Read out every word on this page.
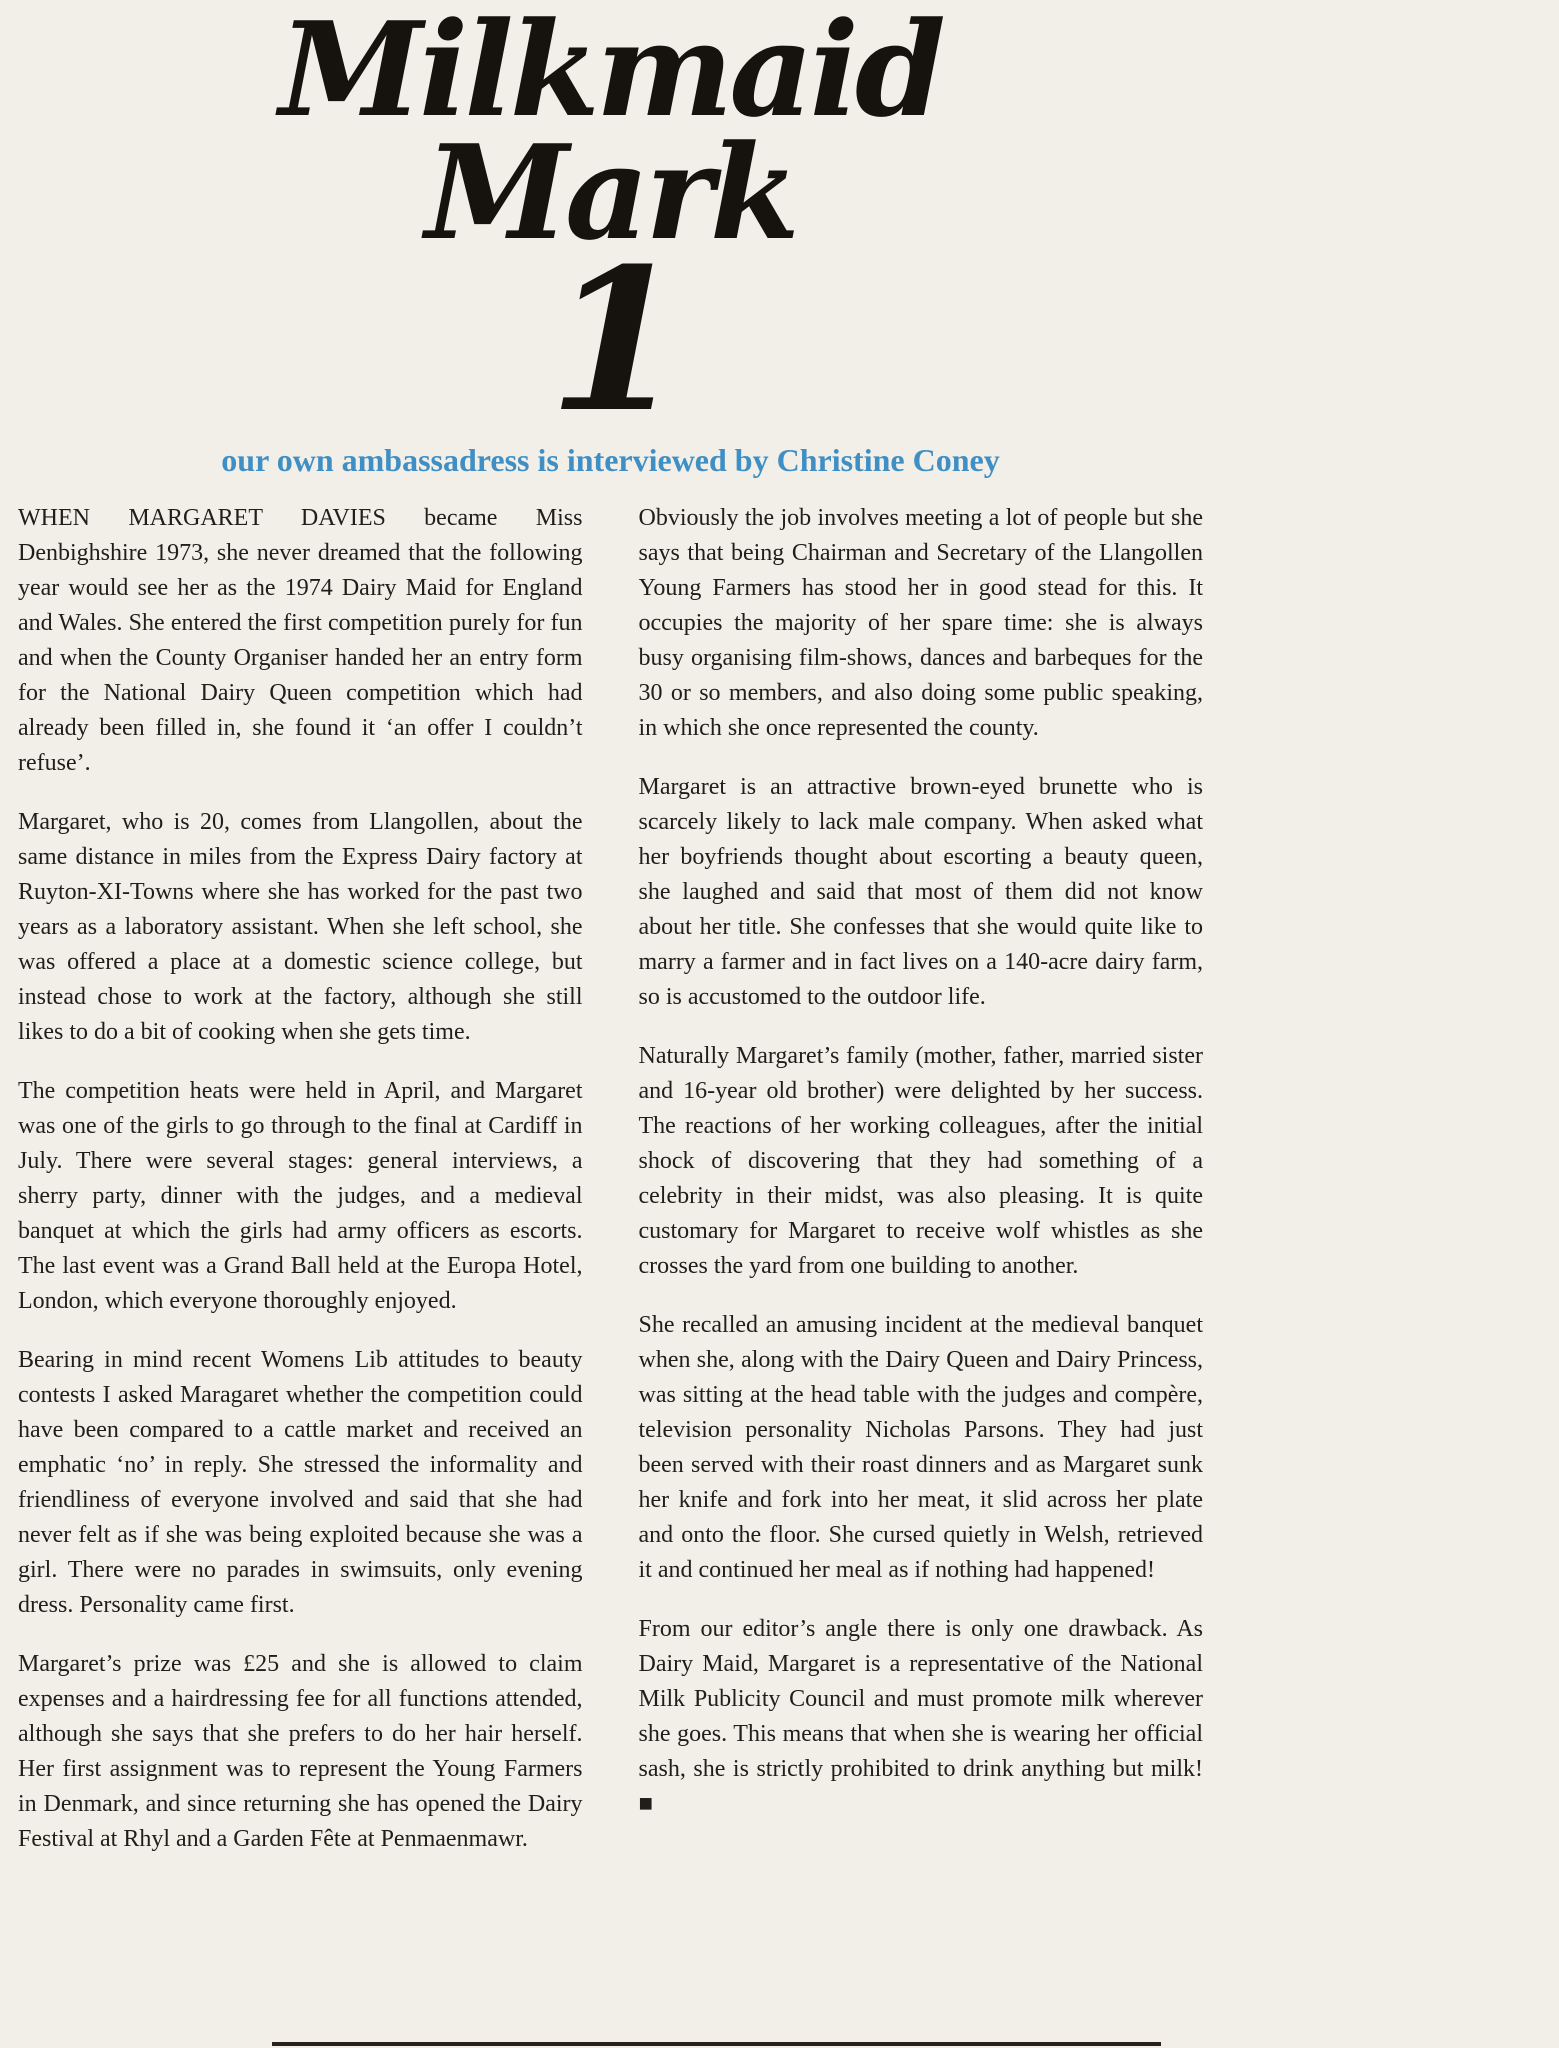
Milkmaid
Mark
1
our own ambassadress is interviewed by Christine Coney

WHEN MARGARET DAVIES became Miss Denbighshire 1973, she never dreamed that the following year would see her as the 1974 Dairy Maid for England and Wales. She entered the first competition purely for fun and when the County Organiser handed her an entry form for the National Dairy Queen competition which had already been filled in, she found it ‘an offer I couldn’t refuse’.

Margaret, who is 20, comes from Llangollen, about the same distance in miles from the Express Dairy factory at Ruyton-XI-Towns where she has worked for the past two years as a laboratory assistant. When she left school, she was offered a place at a domestic science college, but instead chose to work at the factory, although she still likes to do a bit of cooking when she gets time.

The competition heats were held in April, and Margaret was one of the girls to go through to the final at Cardiff in July. There were several stages: general interviews, a sherry party, dinner with the judges, and a medieval banquet at which the girls had army officers as escorts. The last event was a Grand Ball held at the Europa Hotel, London, which everyone thoroughly enjoyed.

Bearing in mind recent Womens Lib attitudes to beauty contests I asked Maragaret whether the competition could have been compared to a cattle market and received an emphatic ‘no’ in reply. She stressed the informality and friendliness of everyone involved and said that she had never felt as if she was being exploited because she was a girl. There were no parades in swimsuits, only evening dress. Personality came first.

Margaret’s prize was £25 and she is allowed to claim expenses and a hairdressing fee for all functions attended, although she says that she prefers to do her hair herself. Her first assignment was to represent the Young Farmers in Denmark, and since returning she has opened the Dairy Festival at Rhyl and a Garden Fête at Penmaenmawr.

Obviously the job involves meeting a lot of people but she says that being Chairman and Secretary of the Llangollen Young Farmers has stood her in good stead for this. It occupies the majority of her spare time: she is always busy organising film-shows, dances and barbeques for the 30 or so members, and also doing some public speaking, in which she once represented the county.

Margaret is an attractive brown-eyed brunette who is scarcely likely to lack male company. When asked what her boyfriends thought about escorting a beauty queen, she laughed and said that most of them did not know about her title. She confesses that she would quite like to marry a farmer and in fact lives on a 140-acre dairy farm, so is accustomed to the outdoor life.

Naturally Margaret’s family (mother, father, married sister and 16-year old brother) were delighted by her success. The reactions of her working colleagues, after the initial shock of discovering that they had something of a celebrity in their midst, was also pleasing. It is quite customary for Margaret to receive wolf whistles as she crosses the yard from one building to another.

She recalled an amusing incident at the medieval banquet when she, along with the Dairy Queen and Dairy Princess, was sitting at the head table with the judges and compère, television personality Nicholas Parsons. They had just been served with their roast dinners and as Margaret sunk her knife and fork into her meat, it slid across her plate and onto the floor. She cursed quietly in Welsh, retrieved it and continued her meal as if nothing had happened!

From our editor’s angle there is only one drawback. As Dairy Maid, Margaret is a representative of the National Milk Publicity Council and must promote milk wherever she goes. This means that when she is wearing her official sash, she is strictly prohibited to drink anything but milk! ■
